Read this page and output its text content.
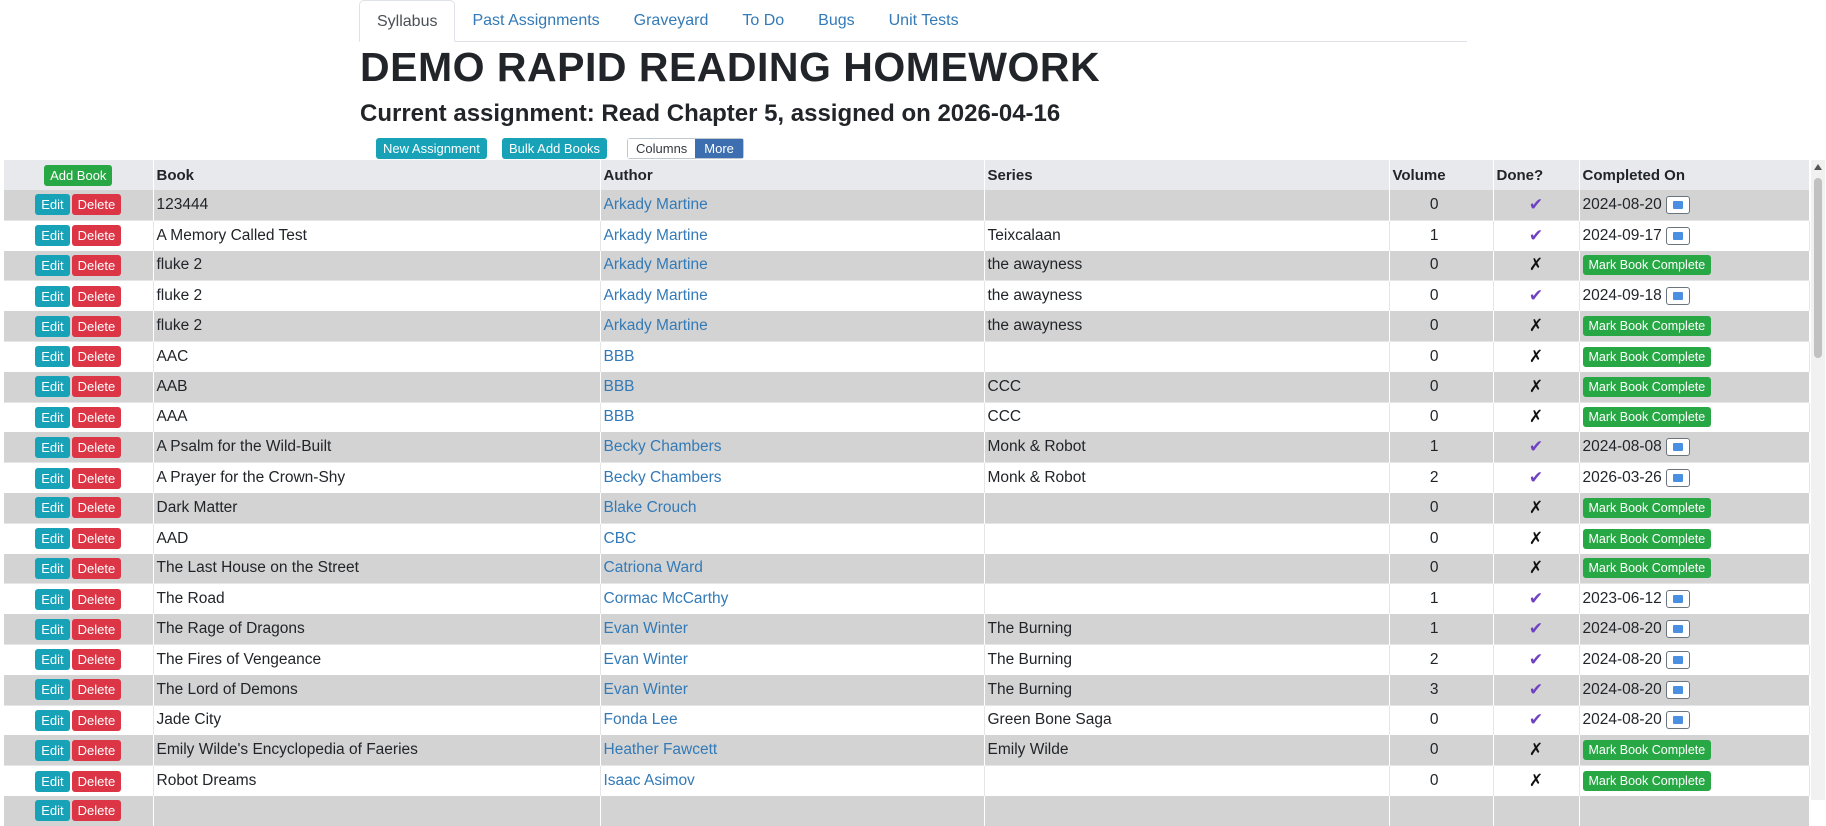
Syllabus	Past Assignments	Graveyard	To Do	Bugs	Unit Tests
DEMO RAPID READING HOMEWORK
Current assignment: Read Chapter 5, assigned on 2026-04-16
New Assignment	Bulk Add Books	Columns	More
Add Book	Book	Author	Series	Volume	Done?	Completed On
Edit Delete	123444	Arkady Martine		0	✔	2024-08-20
Edit Delete	A Memory Called Test	Arkady Martine	Teixcalaan	1	✔	2024-09-17
Edit Delete	fluke 2	Arkady Martine	the awayness	0	✗	Mark Book Complete
Edit Delete	fluke 2	Arkady Martine	the awayness	0	✔	2024-09-18
Edit Delete	fluke 2	Arkady Martine	the awayness	0	✗	Mark Book Complete
Edit Delete	AAC	BBB		0	✗	Mark Book Complete
Edit Delete	AAB	BBB	CCC	0	✗	Mark Book Complete
Edit Delete	AAA	BBB	CCC	0	✗	Mark Book Complete
Edit Delete	A Psalm for the Wild-Built	Becky Chambers	Monk & Robot	1	✔	2024-08-08
Edit Delete	A Prayer for the Crown-Shy	Becky Chambers	Monk & Robot	2	✔	2026-03-26
Edit Delete	Dark Matter	Blake Crouch		0	✗	Mark Book Complete
Edit Delete	AAD	CBC		0	✗	Mark Book Complete
Edit Delete	The Last House on the Street	Catriona Ward		0	✗	Mark Book Complete
Edit Delete	The Road	Cormac McCarthy		1	✔	2023-06-12
Edit Delete	The Rage of Dragons	Evan Winter	The Burning	1	✔	2024-08-20
Edit Delete	The Fires of Vengeance	Evan Winter	The Burning	2	✔	2024-08-20
Edit Delete	The Lord of Demons	Evan Winter	The Burning	3	✔	2024-08-20
Edit Delete	Jade City	Fonda Lee	Green Bone Saga	0	✔	2024-08-20
Edit Delete	Emily Wilde's Encyclopedia of Faeries	Heather Fawcett	Emily Wilde	0	✗	Mark Book Complete
Edit Delete	Robot Dreams	Isaac Asimov		0	✗	Mark Book Complete
Edit Delete						
